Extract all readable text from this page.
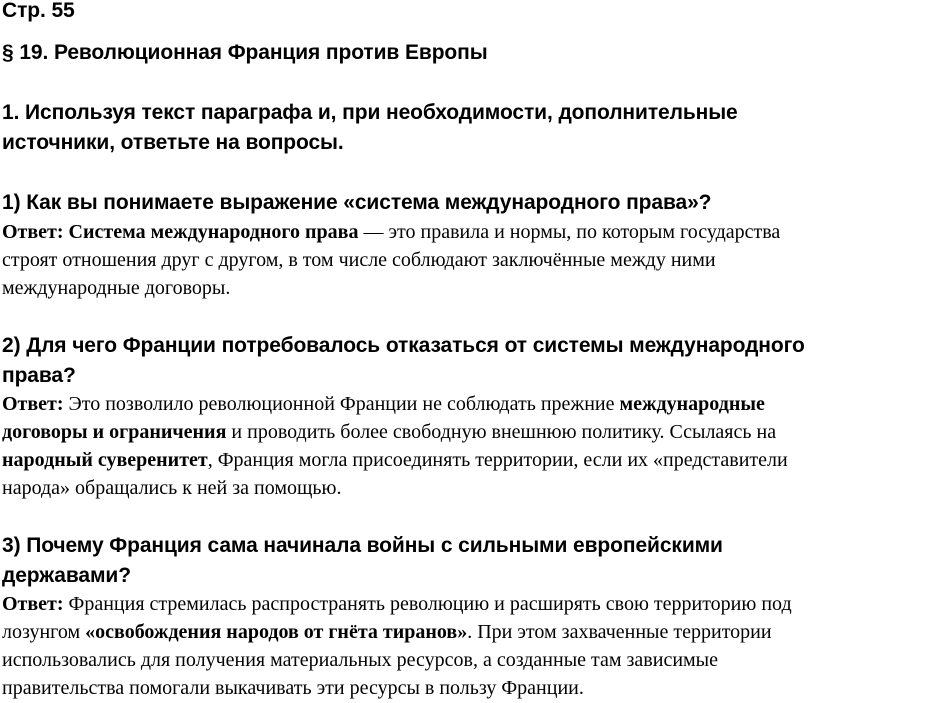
Стр. 55

§ 19. Революционная Франция против Европы

1. Используя текст параграфа и, при необходимости, дополнительные

источники, ответьте на вопросы.

1) Как вы понимаете выражение «система международного права»?

Ответ: Система международного права — это правила и нормы, по которым государства

строят отношения друг с другом, в том числе соблюдают заключённые между ними

международные договоры.

2) Для чего Франции потребовалось отказаться от системы международного

права?

Ответ: Это позволило революционной Франции не соблюдать прежние международные

договоры и ограничения и проводить более свободную внешнюю политику. Ссылаясь на

народный суверенитет, Франция могла присоединять территории, если их «представители

народа» обращались к ней за помощью.

3) Почему Франция сама начинала войны с сильными европейскими

державами?

Ответ: Франция стремилась распространять революцию и расширять свою территорию под

лозунгом «освобождения народов от гнёта тиранов». При этом захваченные территории

использовались для получения материальных ресурсов, а созданные там зависимые

правительства помогали выкачивать эти ресурсы в пользу Франции.
